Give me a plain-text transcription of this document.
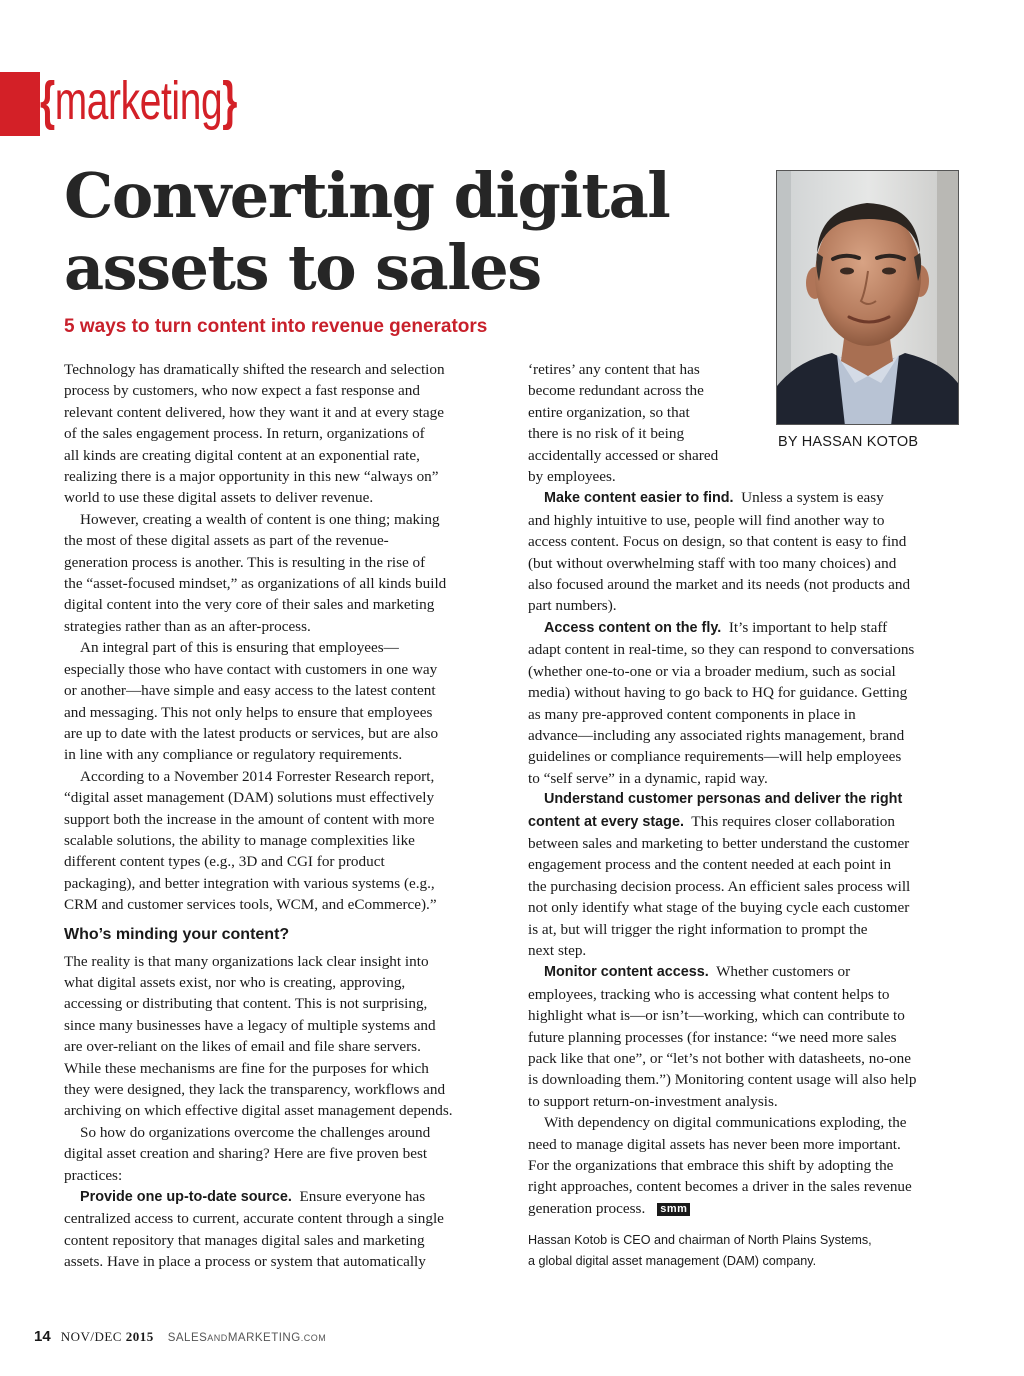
{marketing}
Converting digital
assets to sales
5 ways to turn content into revenue generators
BY HASSAN KOTOB

Technology has dramatically shifted the research and selection
process by customers, who now expect a fast response and
relevant content delivered, how they want it and at every stage
of the sales engagement process. In return, organizations of
all kinds are creating digital content at an exponential rate,
realizing there is a major opportunity in this new “always on”
world to use these digital assets to deliver revenue.

However, creating a wealth of content is one thing; making
the most of these digital assets as part of the revenue-
generation process is another. This is resulting in the rise of
the “asset-focused mindset,” as organizations of all kinds build
digital content into the very core of their sales and marketing
strategies rather than as an after-process.

An integral part of this is ensuring that employees—
especially those who have contact with customers in one way
or another—have simple and easy access to the latest content
and messaging. This not only helps to ensure that employees
are up to date with the latest products or services, but are also
in line with any compliance or regulatory requirements.

According to a November 2014 Forrester Research report,
“digital asset management (DAM) solutions must effectively
support both the increase in the amount of content with more
scalable solutions, the ability to manage complexities like
different content types (e.g., 3D and CGI for product
packaging), and better integration with various systems (e.g.,
CRM and customer services tools, WCM, and eCommerce).”

Who’s minding your content?

The reality is that many organizations lack clear insight into
what digital assets exist, nor who is creating, approving,
accessing or distributing that content. This is not surprising,
since many businesses have a legacy of multiple systems and
are over-reliant on the likes of email and file share servers.
While these mechanisms are fine for the purposes for which
they were designed, they lack the transparency, workflows and
archiving on which effective digital asset management depends.

So how do organizations overcome the challenges around
digital asset creation and sharing? Here are five proven best
practices:

Provide one up-to-date source. Ensure everyone has
centralized access to current, accurate content through a single
content repository that manages digital sales and marketing
assets. Have in place a process or system that automatically

‘retires’ any content that has
become redundant across the
entire organization, so that
there is no risk of it being
accidentally accessed or shared
by employees.

Make content easier to find. Unless a system is easy
and highly intuitive to use, people will find another way to
access content. Focus on design, so that content is easy to find
(but without overwhelming staff with too many choices) and
also focused around the market and its needs (not products and
part numbers).

Access content on the fly. It’s important to help staff
adapt content in real-time, so they can respond to conversations
(whether one-to-one or via a broader medium, such as social
media) without having to go back to HQ for guidance. Getting
as many pre-approved content components in place in
advance—including any associated rights management, brand
guidelines or compliance requirements—will help employees
to “self serve” in a dynamic, rapid way.

Understand customer personas and deliver the right
content at every stage. This requires closer collaboration
between sales and marketing to better understand the customer
engagement process and the content needed at each point in
the purchasing decision process. An efficient sales process will
not only identify what stage of the buying cycle each customer
is at, but will trigger the right information to prompt the
next step.

Monitor content access. Whether customers or
employees, tracking who is accessing what content helps to
highlight what is—or isn’t—working, which can contribute to
future planning processes (for instance: “we need more sales
pack like that one”, or “let’s not bother with datasheets, no-one
is downloading them.”) Monitoring content usage will also help
to support return-on-investment analysis.

With dependency on digital communications exploding, the
need to manage digital assets has never been more important.
For the organizations that embrace this shift by adopting the
right approaches, content becomes a driver in the sales revenue
generation process. smm

Hassan Kotob is CEO and chairman of North Plains Systems,
a global digital asset management (DAM) company.
14 NOV/DEC 2015 SALESANDMARKETING.COM
